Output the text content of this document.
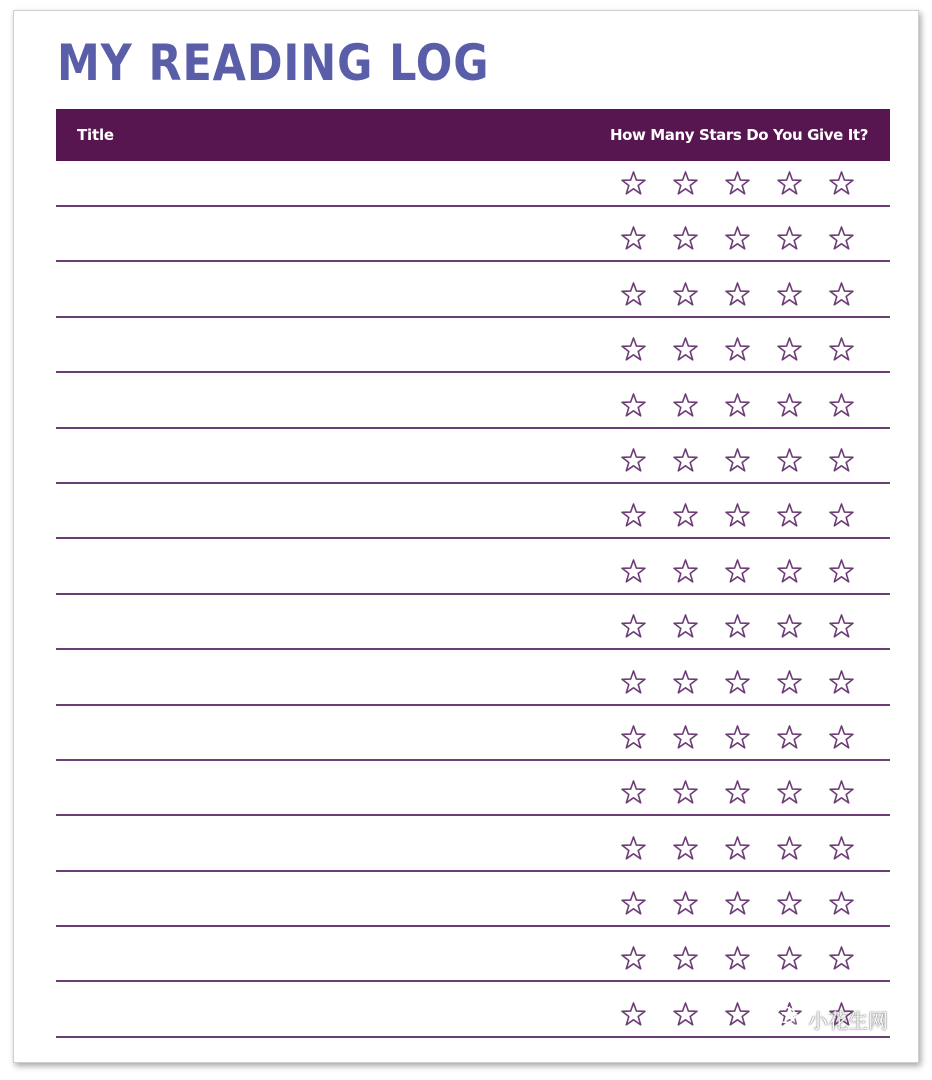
MY READING LOG
Title	How Many Stars Do You Give It?
小花生网
